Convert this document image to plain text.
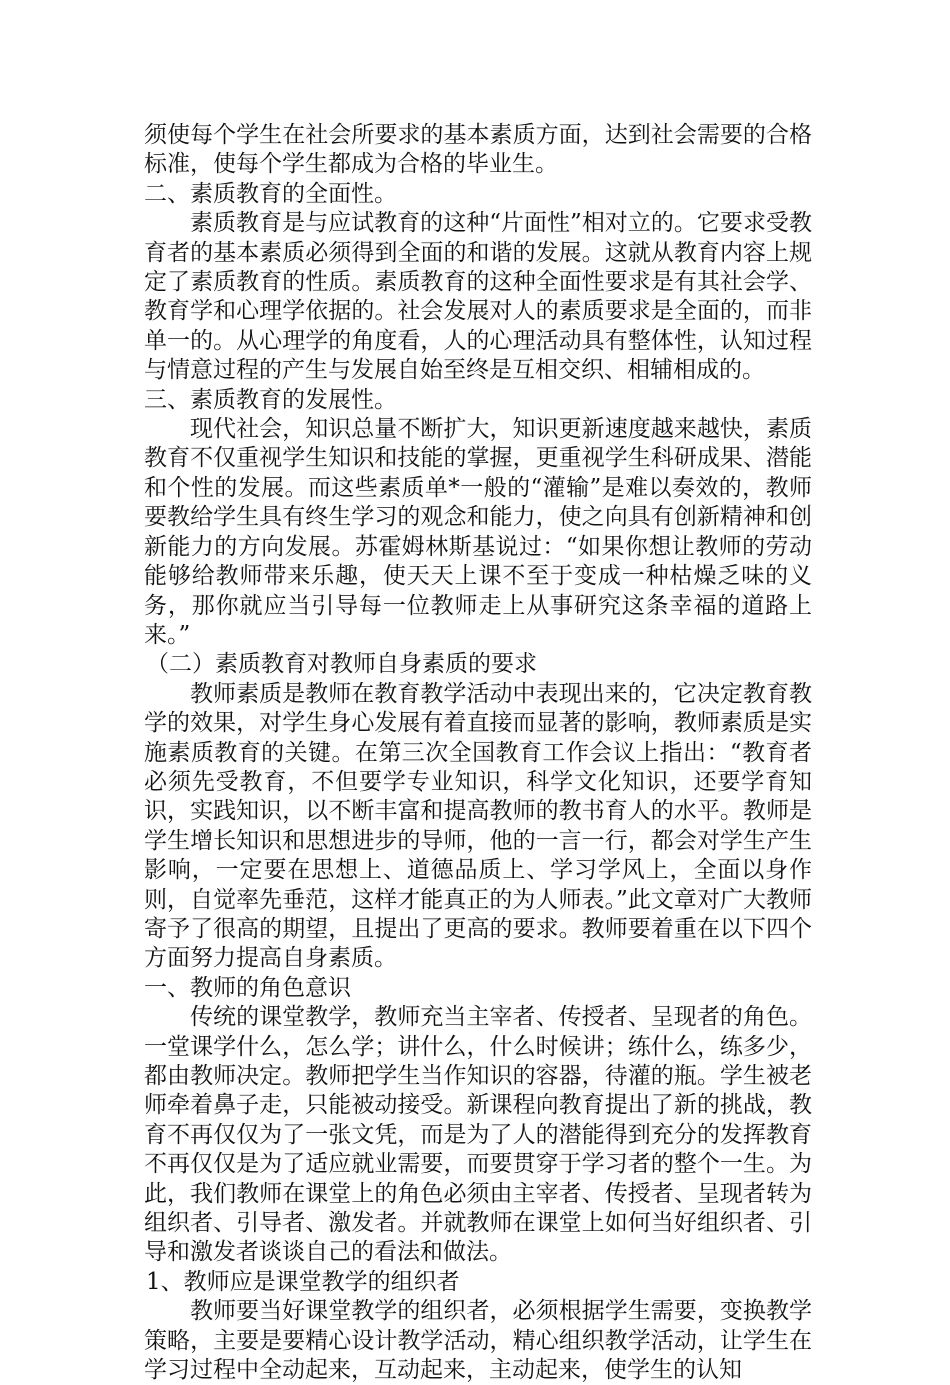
须使每个学生在社会所要求的基本素质方面，达到社会需要的合格标准，使每个学生都成为合格的毕业生。

二、素质教育的全面性。

素质教育是与应试教育的这种“片面性”相对立的。它要求受教育者的基本素质必须得到全面的和谐的发展。这就从教育内容上规定了素质教育的性质。素质教育的这种全面性要求是有其社会学、教育学和心理学依据的。社会发展对人的素质要求是全面的，而非单一的。从心理学的角度看，人的心理活动具有整体性，认知过程与情意过程的产生与发展自始至终是互相交织、相辅相成的。

三、素质教育的发展性。

现代社会，知识总量不断扩大，知识更新速度越来越快，素质教育不仅重视学生知识和技能的掌握，更重视学生科研成果、潜能和个性的发展。而这些素质单*一般的“灌输”是难以奏效的，教师要教给学生具有终生学习的观念和能力，使之向具有创新精神和创新能力的方向发展。苏霍姆林斯基说过：“如果你想让教师的劳动能够给教师带来乐趣，使天天上课不至于变成一种枯燥乏味的义务，那你就应当引导每一位教师走上从事研究这条幸福的道路上来。”

（二）素质教育对教师自身素质的要求

教师素质是教师在教育教学活动中表现出来的，它决定教育教学的效果，对学生身心发展有着直接而显著的影响，教师素质是实施素质教育的关键。在第三次全国教育工作会议上指出：“教育者必须先受教育，不但要学专业知识，科学文化知识，还要学育知识，实践知识，以不断丰富和提高教师的教书育人的水平。教师是学生增长知识和思想进步的导师，他的一言一行，都会对学生产生影响，一定要在思想上、道德品质上、学习学风上，全面以身作则，自觉率先垂范，这样才能真正的为人师表。”此文章对广大教师寄予了很高的期望，且提出了更高的要求。教师要着重在以下四个方面努力提高自身素质。

一、教师的角色意识

传统的课堂教学，教师充当主宰者、传授者、呈现者的角色。一堂课学什么，怎么学；讲什么，什么时候讲；练什么，练多少，都由教师决定。教师把学生当作知识的容器，待灌的瓶。学生被老师牵着鼻子走，只能被动接受。新课程向教育提出了新的挑战，教育不再仅仅为了一张文凭，而是为了人的潜能得到充分的发挥教育不再仅仅是为了适应就业需要，而要贯穿于学习者的整个一生。为此，我们教师在课堂上的角色必须由主宰者、传授者、呈现者转为组织者、引导者、激发者。并就教师在课堂上如何当好组织者、引导和激发者谈谈自己的看法和做法。

1、教师应是课堂教学的组织者

教师要当好课堂教学的组织者，必须根据学生需要，变换教学策略，主要是要精心设计教学活动，精心组织教学活动，让学生在学习过程中全动起来，互动起来，主动起来，使学生的认知
